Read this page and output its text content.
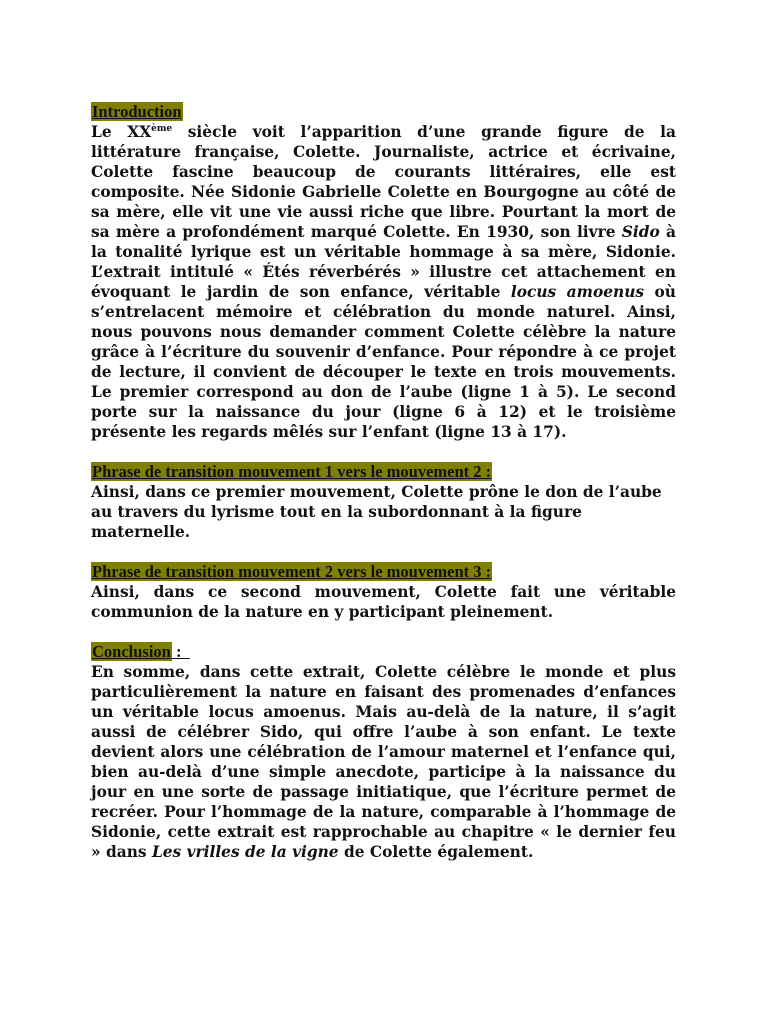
Introduction

Le XXème siècle voit l’apparition d’une grande figure de la littérature française, Colette. Journaliste, actrice et écrivaine, Colette fascine beaucoup de courants littéraires, elle est composite. Née Sidonie Gabrielle Colette en Bourgogne au côté de sa mère, elle vit une vie aussi riche que libre. Pourtant la mort de sa mère a profondément marqué Colette. En 1930, son livre Sido à la tonalité lyrique est un véritable hommage à sa mère, Sidonie. L’extrait intitulé « Étés réverbérés » illustre cet attachement en évoquant le jardin de son enfance, véritable locus amoenus où s’entrelacent mémoire et célébration du monde naturel. Ainsi, nous pouvons nous demander comment Colette célèbre la nature grâce à l’écriture du souvenir d’enfance. Pour répondre à ce projet de lecture, il convient de découper le texte en trois mouvements. Le premier correspond au don de l’aube (ligne 1 à 5). Le second porte sur la naissance du jour (ligne 6 à 12) et le troisième présente les regards mêlés sur l’enfant (ligne 13 à 17).

Phrase de transition mouvement 1 vers le mouvement 2 :

Ainsi, dans ce premier mouvement, Colette prône le don de l’aube au travers du lyrisme tout en la subordonnant à la figure maternelle.

Phrase de transition mouvement 2 vers le mouvement 3 :

Ainsi, dans ce second mouvement, Colette fait une véritable communion de la nature en y participant pleinement.

Conclusion :

En somme, dans cette extrait, Colette célèbre le monde et plus particulièrement la nature en faisant des promenades d’enfances un véritable locus amoenus. Mais au-delà de la nature, il s’agit aussi de célébrer Sido, qui offre l’aube à son enfant. Le texte devient alors une célébration de l’amour maternel et l’enfance qui, bien au-delà d’une simple anecdote, participe à la naissance du jour en une sorte de passage initiatique, que l’écriture permet de recréer. Pour l’hommage de la nature, comparable à l’hommage de Sidonie, cette extrait est rapprochable au chapitre « le dernier feu » dans Les vrilles de la vigne de Colette également.
